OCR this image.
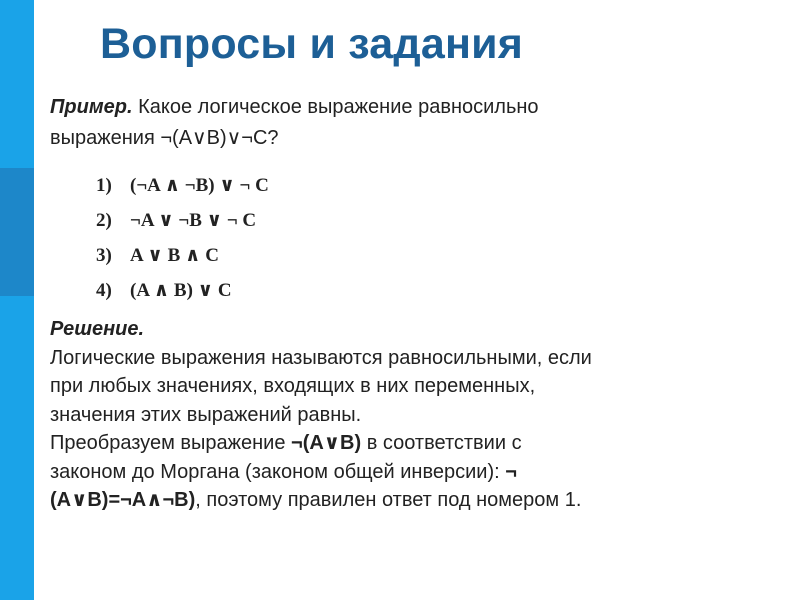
Вопросы и задания
Пример. Какое логическое выражение равносильно
выражения ¬(A∨B)∨¬C?
1) (¬A ∧ ¬B) ∨ ¬ C
2) ¬A ∨ ¬B ∨ ¬ C
3) A ∨ B ∧ C
4) (A ∧ B) ∨ C
Решение.
Логические выражения называются равносильными, если
при любых значениях, входящих в них переменных,
значения этих выражений равны.
Преобразуем выражение ¬(A∨B) в соответствии с
законом до Моргана (законом общей инверсии): ¬
(A∨B)=¬A∧¬B), поэтому правилен ответ под номером 1.
